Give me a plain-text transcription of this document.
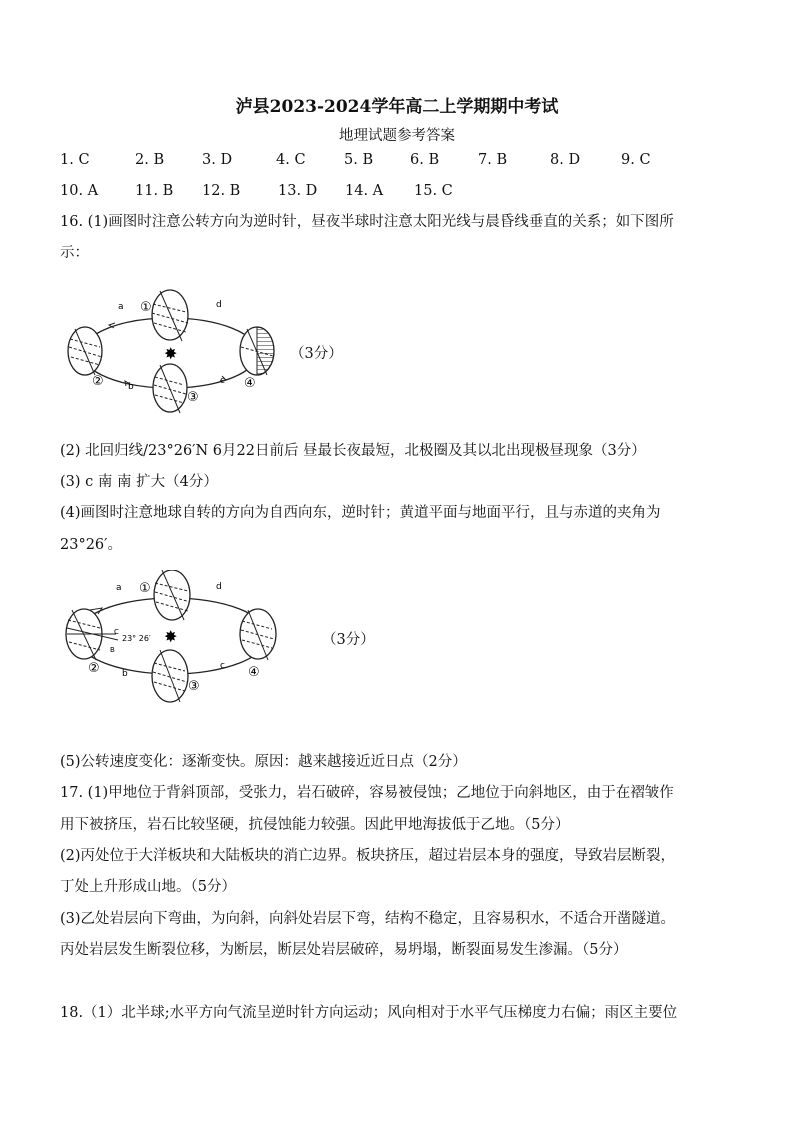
泸县2023-2024学年高二上学期期中考试
地理试题参考答案
1. C	2. B	3. D	4. C	5. B	6. B	7. B	8. D	9. C
10. A	11. B 12. B	13. D 14. A 15. C
16. (1)画图时注意公转方向为逆时针，昼夜半球时注意太阳光线与晨昏线垂直的关系；如下图所
示：
✸
a	d
c
b
①
②
③
④
（3分）
(2) 北回归线/23°26′N 6月22日前后 昼最长夜最短，北极圈及其以北出现极昼现象（3分）
(3) c 南 南 扩大（4分）
(4)画图时注意地球自转的方向为自西向东，逆时针；黄道平面与地面平行，且与赤道的夹角为
23°26′。
✸
23° 26′
C
B
a	d
c
b
①
②
③
④
（3分）
(5)公转速度变化：逐渐变快。原因：越来越接近近日点（2分）
17. (1)甲地位于背斜顶部，受张力，岩石破碎，容易被侵蚀；乙地位于向斜地区，由于在褶皱作
用下被挤压，岩石比较坚硬，抗侵蚀能力较强。因此甲地海拔低于乙地。（5分）
(2)丙处位于大洋板块和大陆板块的消亡边界。板块挤压，超过岩层本身的强度，导致岩层断裂，
丁处上升形成山地。（5分）
(3)乙处岩层向下弯曲，为向斜，向斜处岩层下弯，结构不稳定，且容易积水，不适合开凿隧道。
丙处岩层发生断裂位移，为断层，断层处岩层破碎，易坍塌，断裂面易发生渗漏。（5分）
18.（1）北半球;水平方向气流呈逆时针方向运动；风向相对于水平气压梯度力右偏；雨区主要位
